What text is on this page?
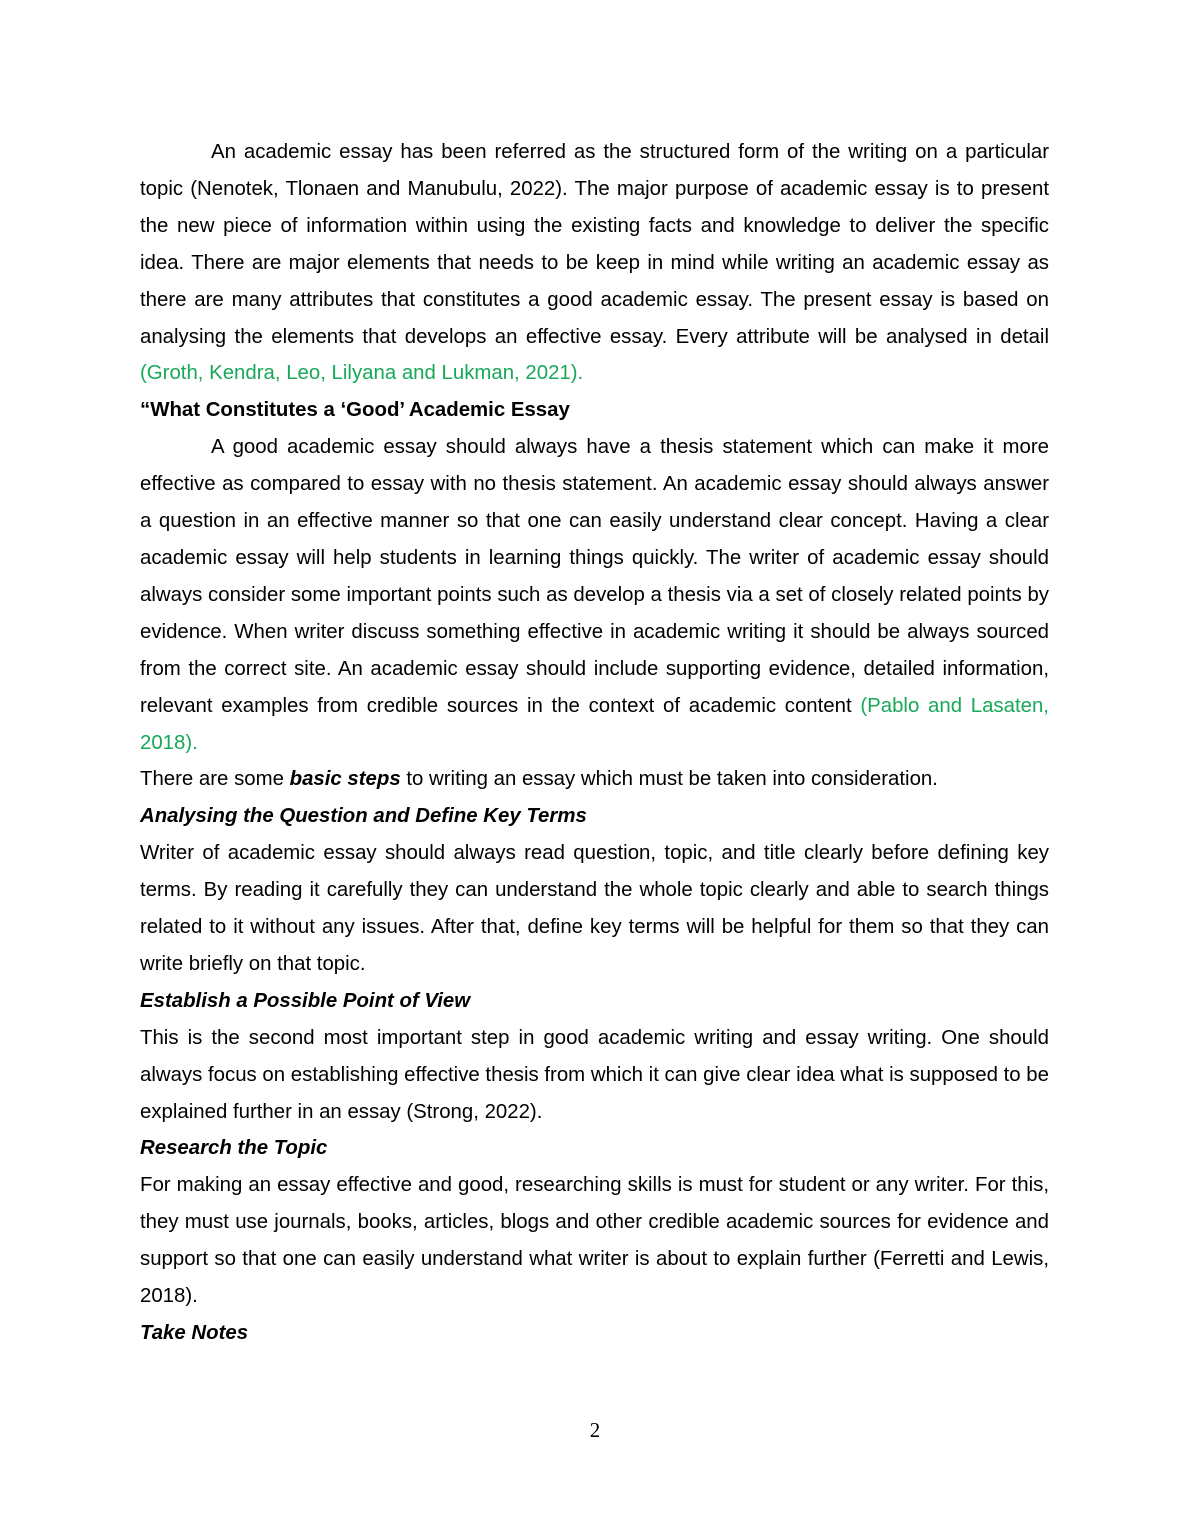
An academic essay has been referred as the structured form of the writing on a particular topic (Nenotek, Tlonaen and Manubulu, 2022). The major purpose of academic essay is to present the new piece of information within using the existing facts and knowledge to deliver the specific idea. There are major elements that needs to be keep in mind while writing an academic essay as there are many attributes that constitutes a good academic essay. The present essay is based on analysing the elements that develops an effective essay. Every attribute will be analysed in detail (Groth, Kendra, Leo, Lilyana and Lukman, 2021).

“What Constitutes a ‘Good’ Academic Essay

A good academic essay should always have a thesis statement which can make it more effective as compared to essay with no thesis statement. An academic essay should always answer a question in an effective manner so that one can easily understand clear concept. Having a clear academic essay will help students in learning things quickly. The writer of academic essay should always consider some important points such as develop a thesis via a set of closely related points by evidence. When writer discuss something effective in academic writing it should be always sourced from the correct site. An academic essay should include supporting evidence, detailed information, relevant examples from credible sources in the context of academic content (Pablo and Lasaten, 2018).

There are some basic steps to writing an essay which must be taken into consideration.

Analysing the Question and Define Key Terms

Writer of academic essay should always read question, topic, and title clearly before defining key terms. By reading it carefully they can understand the whole topic clearly and able to search things related to it without any issues. After that, define key terms will be helpful for them so that they can write briefly on that topic.

Establish a Possible Point of View

This is the second most important step in good academic writing and essay writing. One should always focus on establishing effective thesis from which it can give clear idea what is supposed to be explained further in an essay (Strong, 2022).

Research the Topic

For making an essay effective and good, researching skills is must for student or any writer. For this, they must use journals, books, articles, blogs and other credible academic sources for evidence and support so that one can easily understand what writer is about to explain further (Ferretti and Lewis, 2018).

Take Notes
2
